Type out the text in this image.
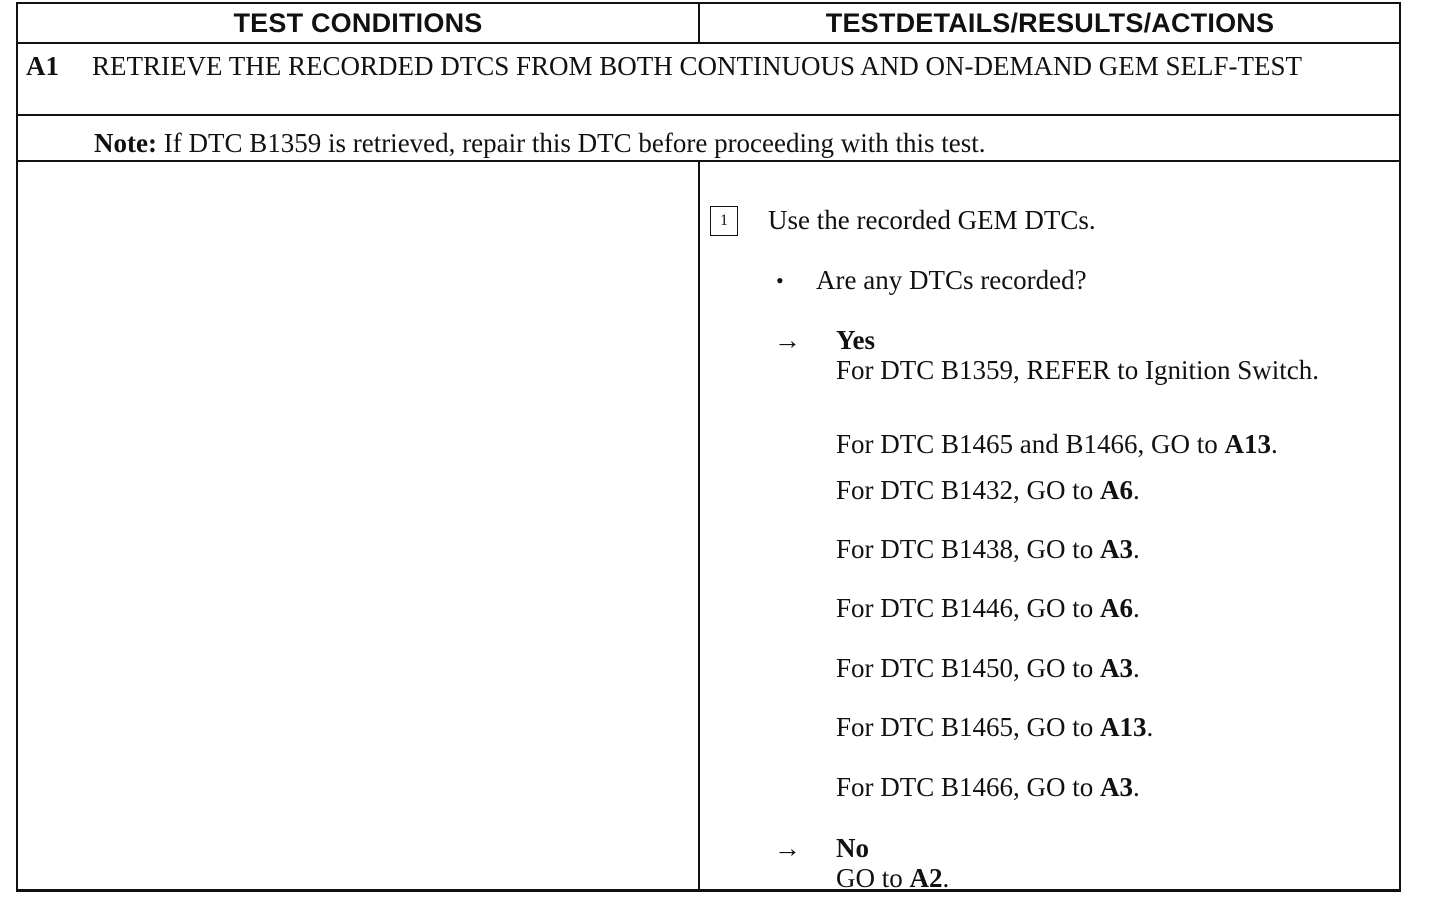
TEST CONDITIONS	TESTDETAILS/RESULTS/ACTIONS
A1 RETRIEVE THE RECORDED DTCS FROM BOTH CONTINUOUS AND ON-DEMAND GEM SELF-TEST
Note: If DTC B1359 is retrieved, repair this DTC before proceeding with this test.
1	Use the recorded GEM DTCs.
• Are any DTCs recorded?
→ Yes
For DTC B1359, REFER to Ignition Switch.
For DTC B1465 and B1466, GO to A13.
For DTC B1432, GO to A6.
For DTC B1438, GO to A3.
For DTC B1446, GO to A6.
For DTC B1450, GO to A3.
For DTC B1465, GO to A13.
For DTC B1466, GO to A3.
→ No
GO to A2.
